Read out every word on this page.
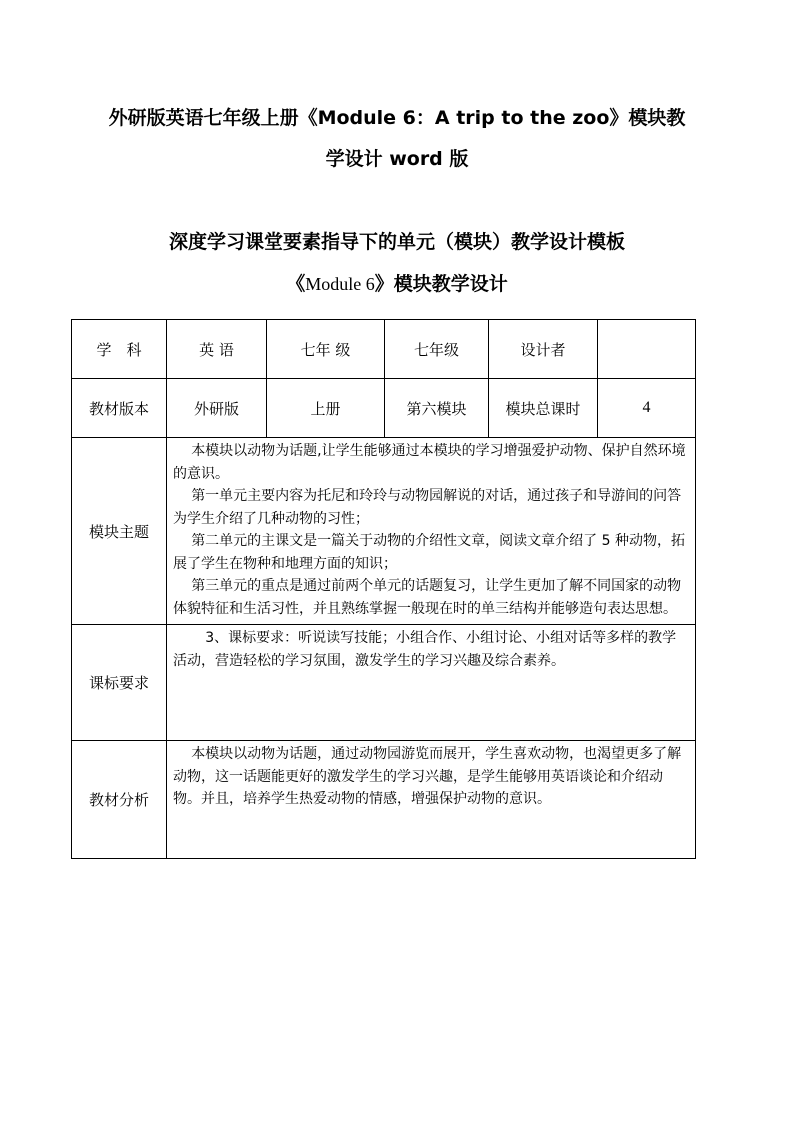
外研版英语七年级上册《Module 6：A trip to the zoo》模块教
学设计 word 版
深度学习课堂要素指导下的单元（模块）教学设计模板
《Module 6》模块教学设计
学　科	英 语	七年 级	七年级	设计者	
教材版本	外研版	上册	第六模块	模块总课时	4
模块主题	本模块以动物为话题,让学生能够通过本模块的学习增强爱护动物、保护自然环境的意识。

第一单元主要内容为托尼和玲玲与动物园解说的对话，通过孩子和导游间的问答为学生介绍了几种动物的习性；

第二单元的主课文是一篇关于动物的介绍性文章，阅读文章介绍了 5 种动物，拓展了学生在物种和地理方面的知识；

第三单元的重点是通过前两个单元的话题复习，让学生更加了解不同国家的动物体貌特征和生活习性，并且熟练掌握一般现在时的单三结构并能够造句表达思想。				

课标要求	3、课标要求：听说读写技能；小组合作、小组讨论、小组对话等多样的教学活动，营造轻松的学习氛围，激发学生的学习兴趣及综合素养。				

教材分析	本模块以动物为话题，通过动物园游览而展开，学生喜欢动物，也渴望更多了解动物，这一话题能更好的激发学生的学习兴趣，是学生能够用英语谈论和介绍动物。并且，培养学生热爱动物的情感，增强保护动物的意识。				
